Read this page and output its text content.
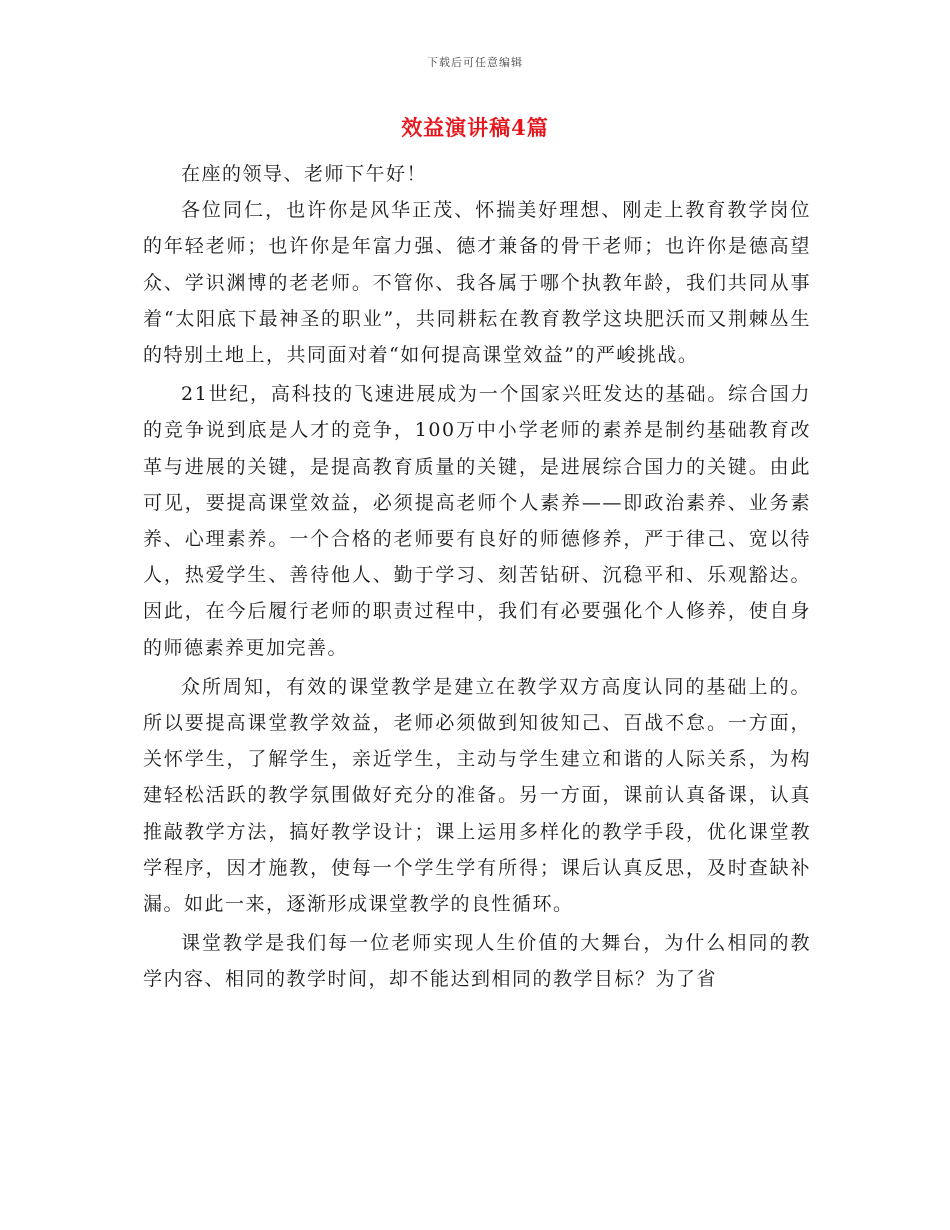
下载后可任意编辑
效益演讲稿4篇

在座的领导、老师下午好！

各位同仁，也许你是风华正茂、怀揣美好理想、刚走上教育教学岗位的年轻老师；也许你是年富力强、德才兼备的骨干老师；也许你是德高望众、学识渊博的老老师。不管你、我各属于哪个执教年龄，我们共同从事着“太阳底下最神圣的职业”，共同耕耘在教育教学这块肥沃而又荆棘丛生的特别土地上，共同面对着“如何提高课堂效益”的严峻挑战。

21世纪，高科技的飞速进展成为一个国家兴旺发达的基础。综合国力的竞争说到底是人才的竞争，100万中小学老师的素养是制约基础教育改革与进展的关键，是提高教育质量的关键，是进展综合国力的关键。由此可见，要提高课堂效益，必须提高老师个人素养——即政治素养、业务素养、心理素养。一个合格的老师要有良好的师德修养，严于律己、宽以待人，热爱学生、善待他人、勤于学习、刻苦钻研、沉稳平和、乐观豁达。因此，在今后履行老师的职责过程中，我们有必要强化个人修养，使自身的师德素养更加完善。

众所周知，有效的课堂教学是建立在教学双方高度认同的基础上的。所以要提高课堂教学效益，老师必须做到知彼知己、百战不怠。一方面，关怀学生，了解学生，亲近学生，主动与学生建立和谐的人际关系，为构建轻松活跃的教学氛围做好充分的准备。另一方面，课前认真备课，认真推敲教学方法，搞好教学设计；课上运用多样化的教学手段，优化课堂教学程序，因才施教，使每一个学生学有所得；课后认真反思，及时查缺补漏。如此一来，逐渐形成课堂教学的良性循环。

课堂教学是我们每一位老师实现人生价值的大舞台，为什么相同的教学内容、相同的教学时间，却不能达到相同的教学目标？为了省
